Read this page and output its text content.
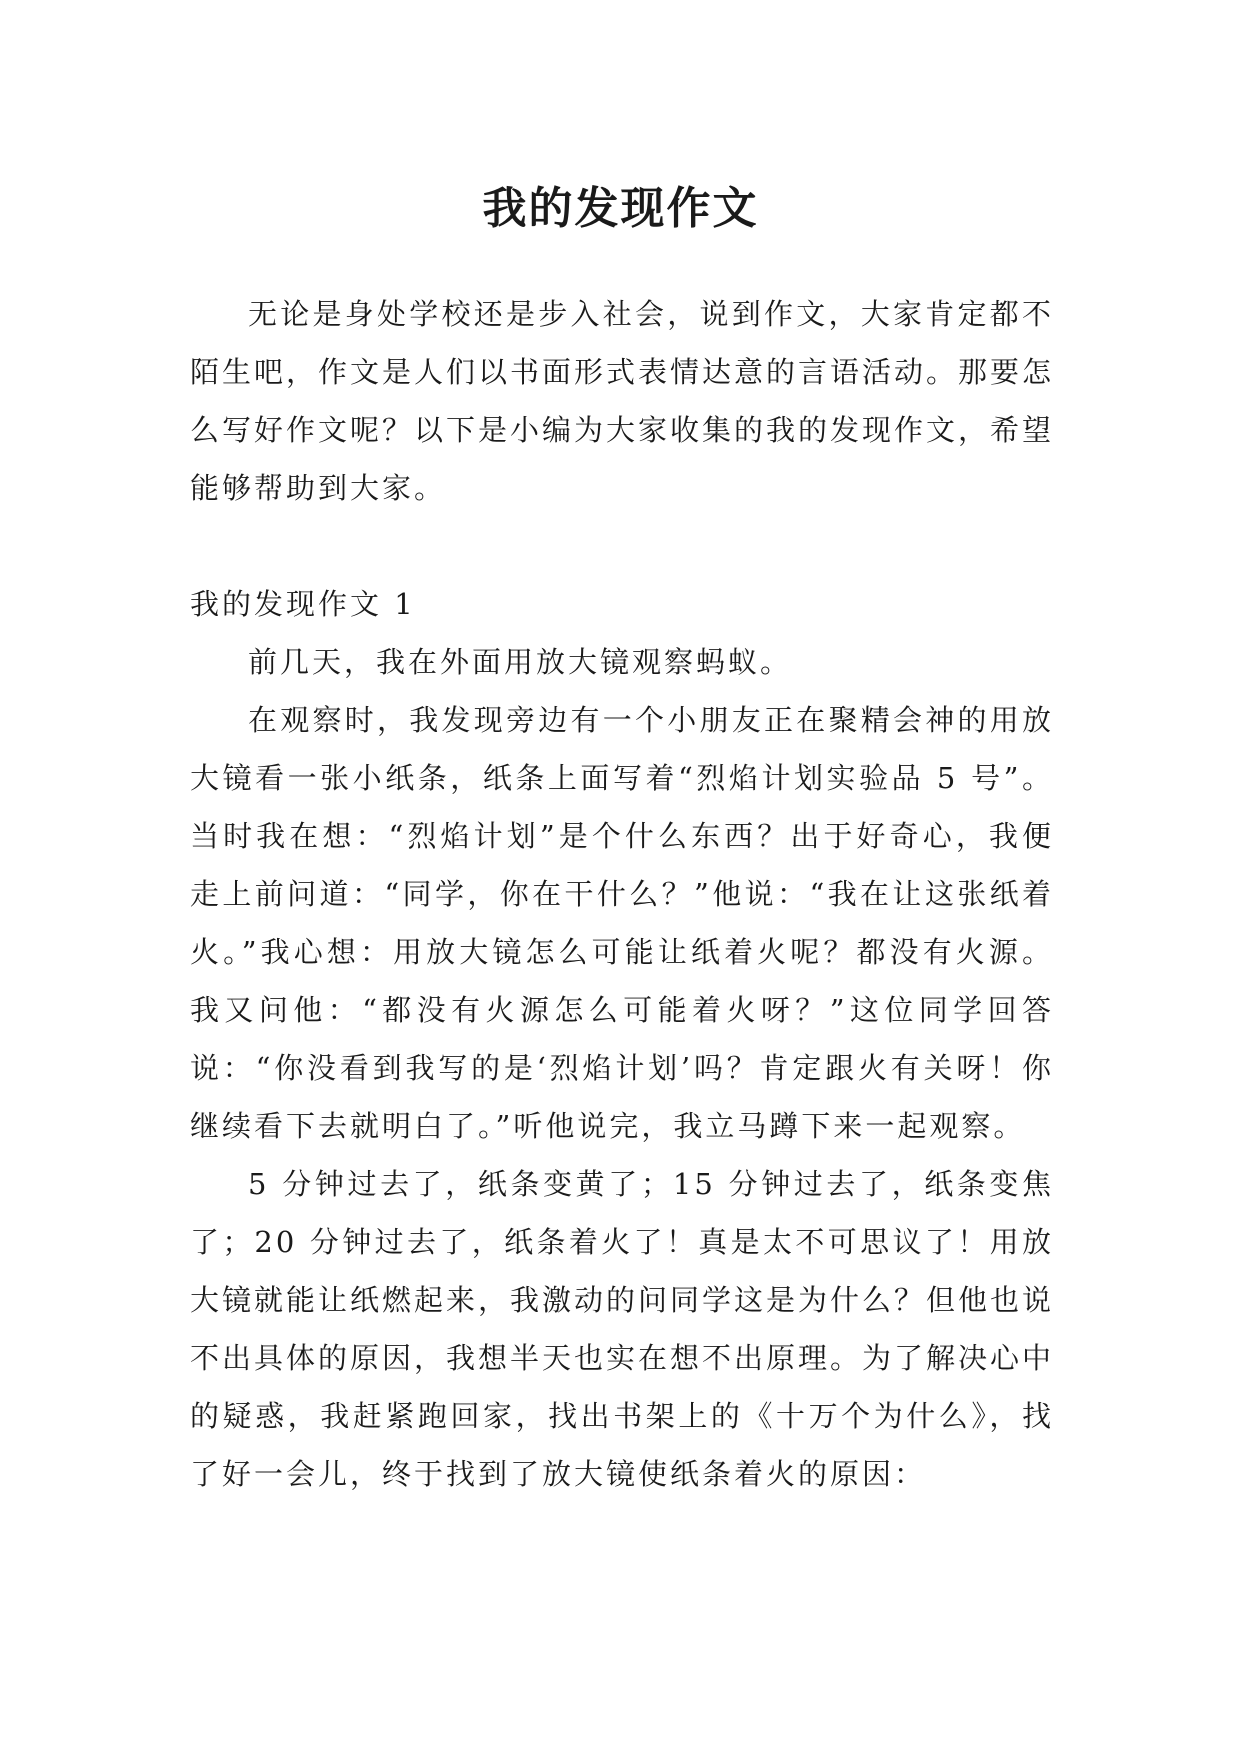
我的发现作文

无论是身处学校还是步入社会，说到作文，大家肯定都不陌生吧，作文是人们以书面形式表情达意的言语活动。那要怎么写好作文呢？以下是小编为大家收集的我的发现作文，希望能够帮助到大家。

我的发现作文 1

前几天，我在外面用放大镜观察蚂蚁。

在观察时，我发现旁边有一个小朋友正在聚精会神的用放大镜看一张小纸条，纸条上面写着“烈焰计划实验品 5 号”。当时我在想：“烈焰计划”是个什么东西？出于好奇心，我便走上前问道：“同学，你在干什么？”他说：“我在让这张纸着火。”我心想：用放大镜怎么可能让纸着火呢？都没有火源。我又问他：“都没有火源怎么可能着火呀？”这位同学回答说：“你没看到我写的是‘烈焰计划’吗？肯定跟火有关呀！你继续看下去就明白了。”听他说完，我立马蹲下来一起观察。

5 分钟过去了，纸条变黄了；15 分钟过去了，纸条变焦了；20 分钟过去了，纸条着火了！真是太不可思议了！用放大镜就能让纸燃起来，我激动的问同学这是为什么？但他也说不出具体的原因，我想半天也实在想不出原理。为了解决心中的疑惑，我赶紧跑回家，找出书架上的《十万个为什么》，找了好一会儿，终于找到了放大镜使纸条着火的原因：
